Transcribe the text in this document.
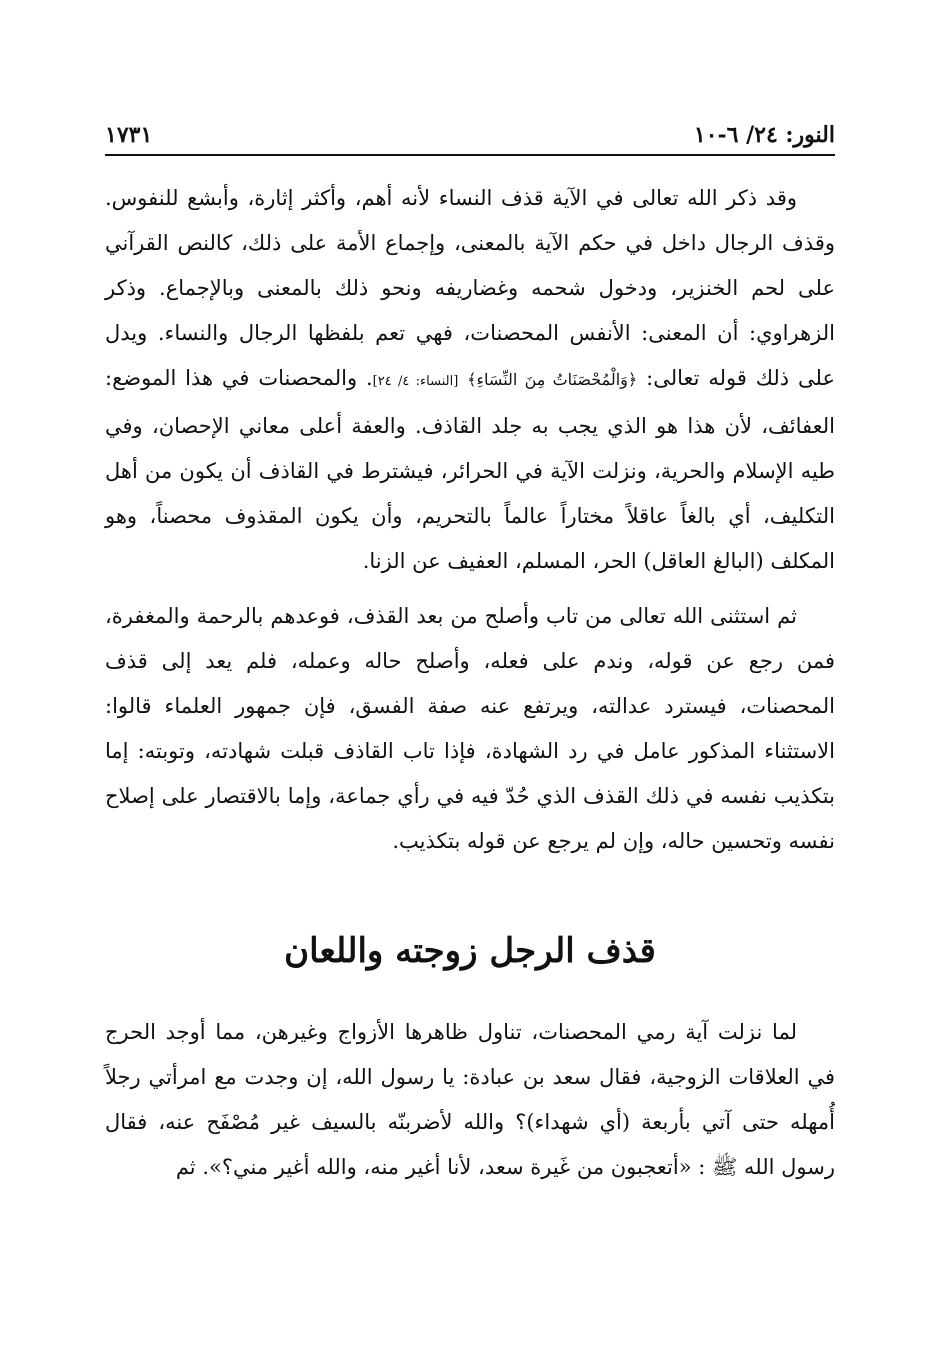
النور: ٢٤/ ٦-١٠
١٧٣١

وقد ذكر الله تعالى في الآية قذف النساء لأنه أهم، وأكثر إثارة، وأبشع للنفوس. وقذف الرجال داخل في حكم الآية بالمعنى، وإجماع الأمة على ذلك، كالنص القرآني على لحم الخنزير، ودخول شحمه وغضاريفه ونحو ذلك بالمعنى وبالإجماع. وذكر الزهراوي: أن المعنى: الأنفس المحصنات، فهي تعم بلفظها الرجال والنساء. ويدل على ذلك قوله تعالى: ﴿وَالْمُحْصَنَاتُ مِنَ النِّسَاءِ﴾ [النساء: ٤/ ٢٤]. والمحصنات في هذا الموضع: العفائف، لأن هذا هو الذي يجب به جلد القاذف. والعفة أعلى معاني الإحصان، وفي طيه الإسلام والحرية، ونزلت الآية في الحرائر، فيشترط في القاذف أن يكون من أهل التكليف، أي بالغاً عاقلاً مختاراً عالماً بالتحريم، وأن يكون المقذوف محصناً، وهو المكلف (البالغ العاقل) الحر، المسلم، العفيف عن الزنا.

ثم استثنى الله تعالى من تاب وأصلح من بعد القذف، فوعدهم بالرحمة والمغفرة، فمن رجع عن قوله، وندم على فعله، وأصلح حاله وعمله، فلم يعد إلى قذف المحصنات، فيسترد عدالته، ويرتفع عنه صفة الفسق، فإن جمهور العلماء قالوا: الاستثناء المذكور عامل في رد الشهادة، فإذا تاب القاذف قبلت شهادته، وتوبته: إما بتكذيب نفسه في ذلك القذف الذي حُدّ فيه في رأي جماعة، وإما بالاقتصار على إصلاح نفسه وتحسين حاله، وإن لم يرجع عن قوله بتكذيب.

قذف الرجل زوجته واللعان

لما نزلت آية رمي المحصنات، تناول ظاهرها الأزواج وغيرهن، مما أوجد الحرج في العلاقات الزوجية، فقال سعد بن عبادة: يا رسول الله، إن وجدت مع امرأتي رجلاً أُمهله حتى آتي بأربعة (أي شهداء)؟ والله لأضربنّه بالسيف غير مُصْفَح عنه، فقال رسول الله ﷺ : «أتعجبون من غَيرة سعد، لأنا أغير منه، والله أغير مني؟». ثم
